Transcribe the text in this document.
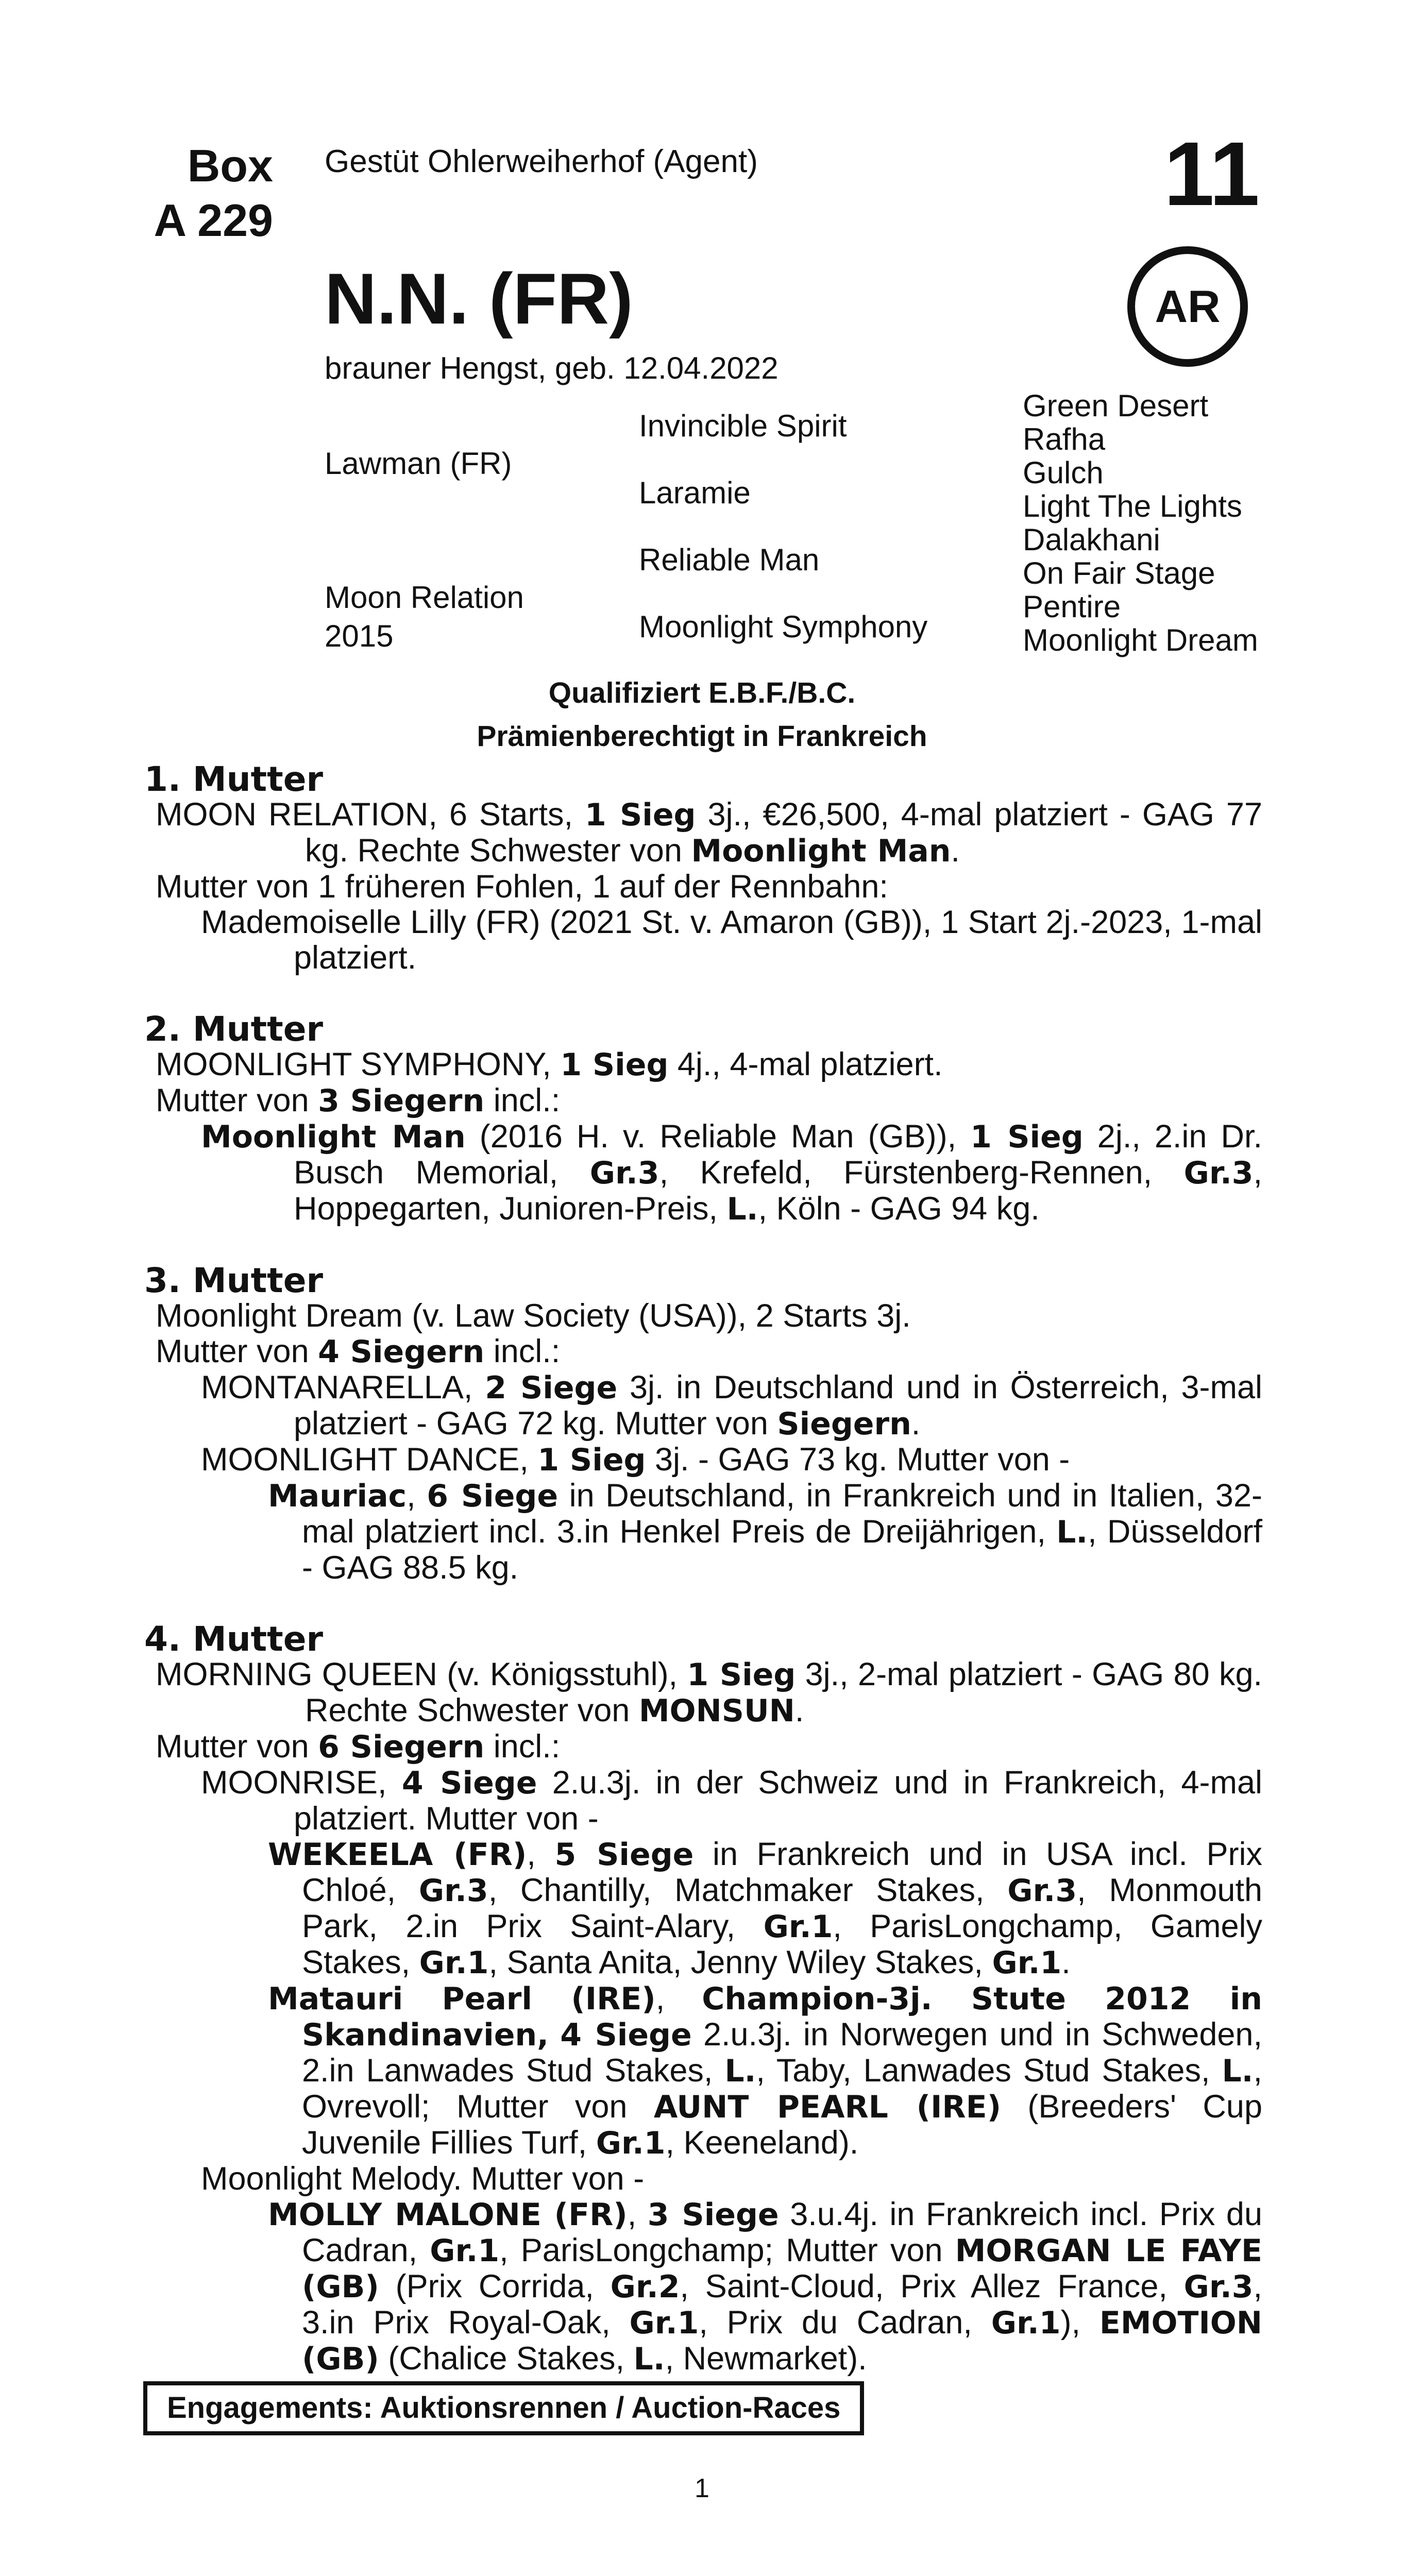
Box
A 229
Gestüt Ohlerweiherhof (Agent)	11
N.N. (FR)	AR
brauner Hengst, geb. 12.04.2022
Lawman (FR)
Moon Relation
2015
Invincible Spirit
Laramie
Reliable Man
Moonlight Symphony
Green Desert
Rafha
Gulch
Light The Lights
Dalakhani
On Fair Stage
Pentire
Moonlight Dream
Qualifiziert E.B.F./B.C.
Prämienberechtigt in Frankreich
1. Mutter
MOON RELATION, 6 Starts, 1 Sieg 3j., €26,500, 4-mal platziert - GAG 77 kg. Rechte Schwester von Moonlight Man.
Mutter von 1 früheren Fohlen, 1 auf der Rennbahn:
Mademoiselle Lilly (FR) (2021 St. v. Amaron (GB)), 1 Start 2j.-2023, 1-mal platziert.
2. Mutter
MOONLIGHT SYMPHONY, 1 Sieg 4j., 4-mal platziert.
Mutter von 3 Siegern incl.:
Moonlight Man (2016 H. v. Reliable Man (GB)), 1 Sieg 2j., 2.in Dr. Busch Memorial, Gr.3, Krefeld, Fürstenberg-Rennen, Gr.3, Hoppegarten, Junioren-Preis, L., Köln - GAG 94 kg.
3. Mutter
Moonlight Dream (v. Law Society (USA)), 2 Starts 3j.
Mutter von 4 Siegern incl.:
MONTANARELLA, 2 Siege 3j. in Deutschland und in Österreich, 3-mal platziert - GAG 72 kg. Mutter von Siegern.
MOONLIGHT DANCE, 1 Sieg 3j. - GAG 73 kg. Mutter von -
Mauriac, 6 Siege in Deutschland, in Frankreich und in Italien, 32-mal platziert incl. 3.in Henkel Preis de Dreijährigen, L., Düsseldorf - GAG 88.5 kg.
4. Mutter
MORNING QUEEN (v. Königsstuhl), 1 Sieg 3j., 2-mal platziert - GAG 80 kg. Rechte Schwester von MONSUN.
Mutter von 6 Siegern incl.:
MOONRISE, 4 Siege 2.u.3j. in der Schweiz und in Frankreich, 4-mal platziert. Mutter von -
WEKEELA (FR), 5 Siege in Frankreich und in USA incl. Prix Chloé, Gr.3, Chantilly, Matchmaker Stakes, Gr.3, Monmouth Park, 2.in Prix Saint-Alary, Gr.1, ParisLongchamp, Gamely Stakes, Gr.1, Santa Anita, Jenny Wiley Stakes, Gr.1.
Matauri Pearl (IRE), Champion-3j. Stute 2012 in Skandinavien, 4 Siege 2.u.3j. in Norwegen und in Schweden, 2.in Lanwades Stud Stakes, L., Taby, Lanwades Stud Stakes, L., Ovrevoll; Mutter von AUNT PEARL (IRE) (Breeders' Cup Juvenile Fillies Turf, Gr.1, Keeneland).
Moonlight Melody. Mutter von -
MOLLY MALONE (FR), 3 Siege 3.u.4j. in Frankreich incl. Prix du Cadran, Gr.1, ParisLongchamp; Mutter von MORGAN LE FAYE (GB) (Prix Corrida, Gr.2, Saint-Cloud, Prix Allez France, Gr.3, 3.in Prix Royal-Oak, Gr.1, Prix du Cadran, Gr.1), EMOTION (GB) (Chalice Stakes, L., Newmarket).
Engagements: Auktionsrennen / Auction-Races
1
